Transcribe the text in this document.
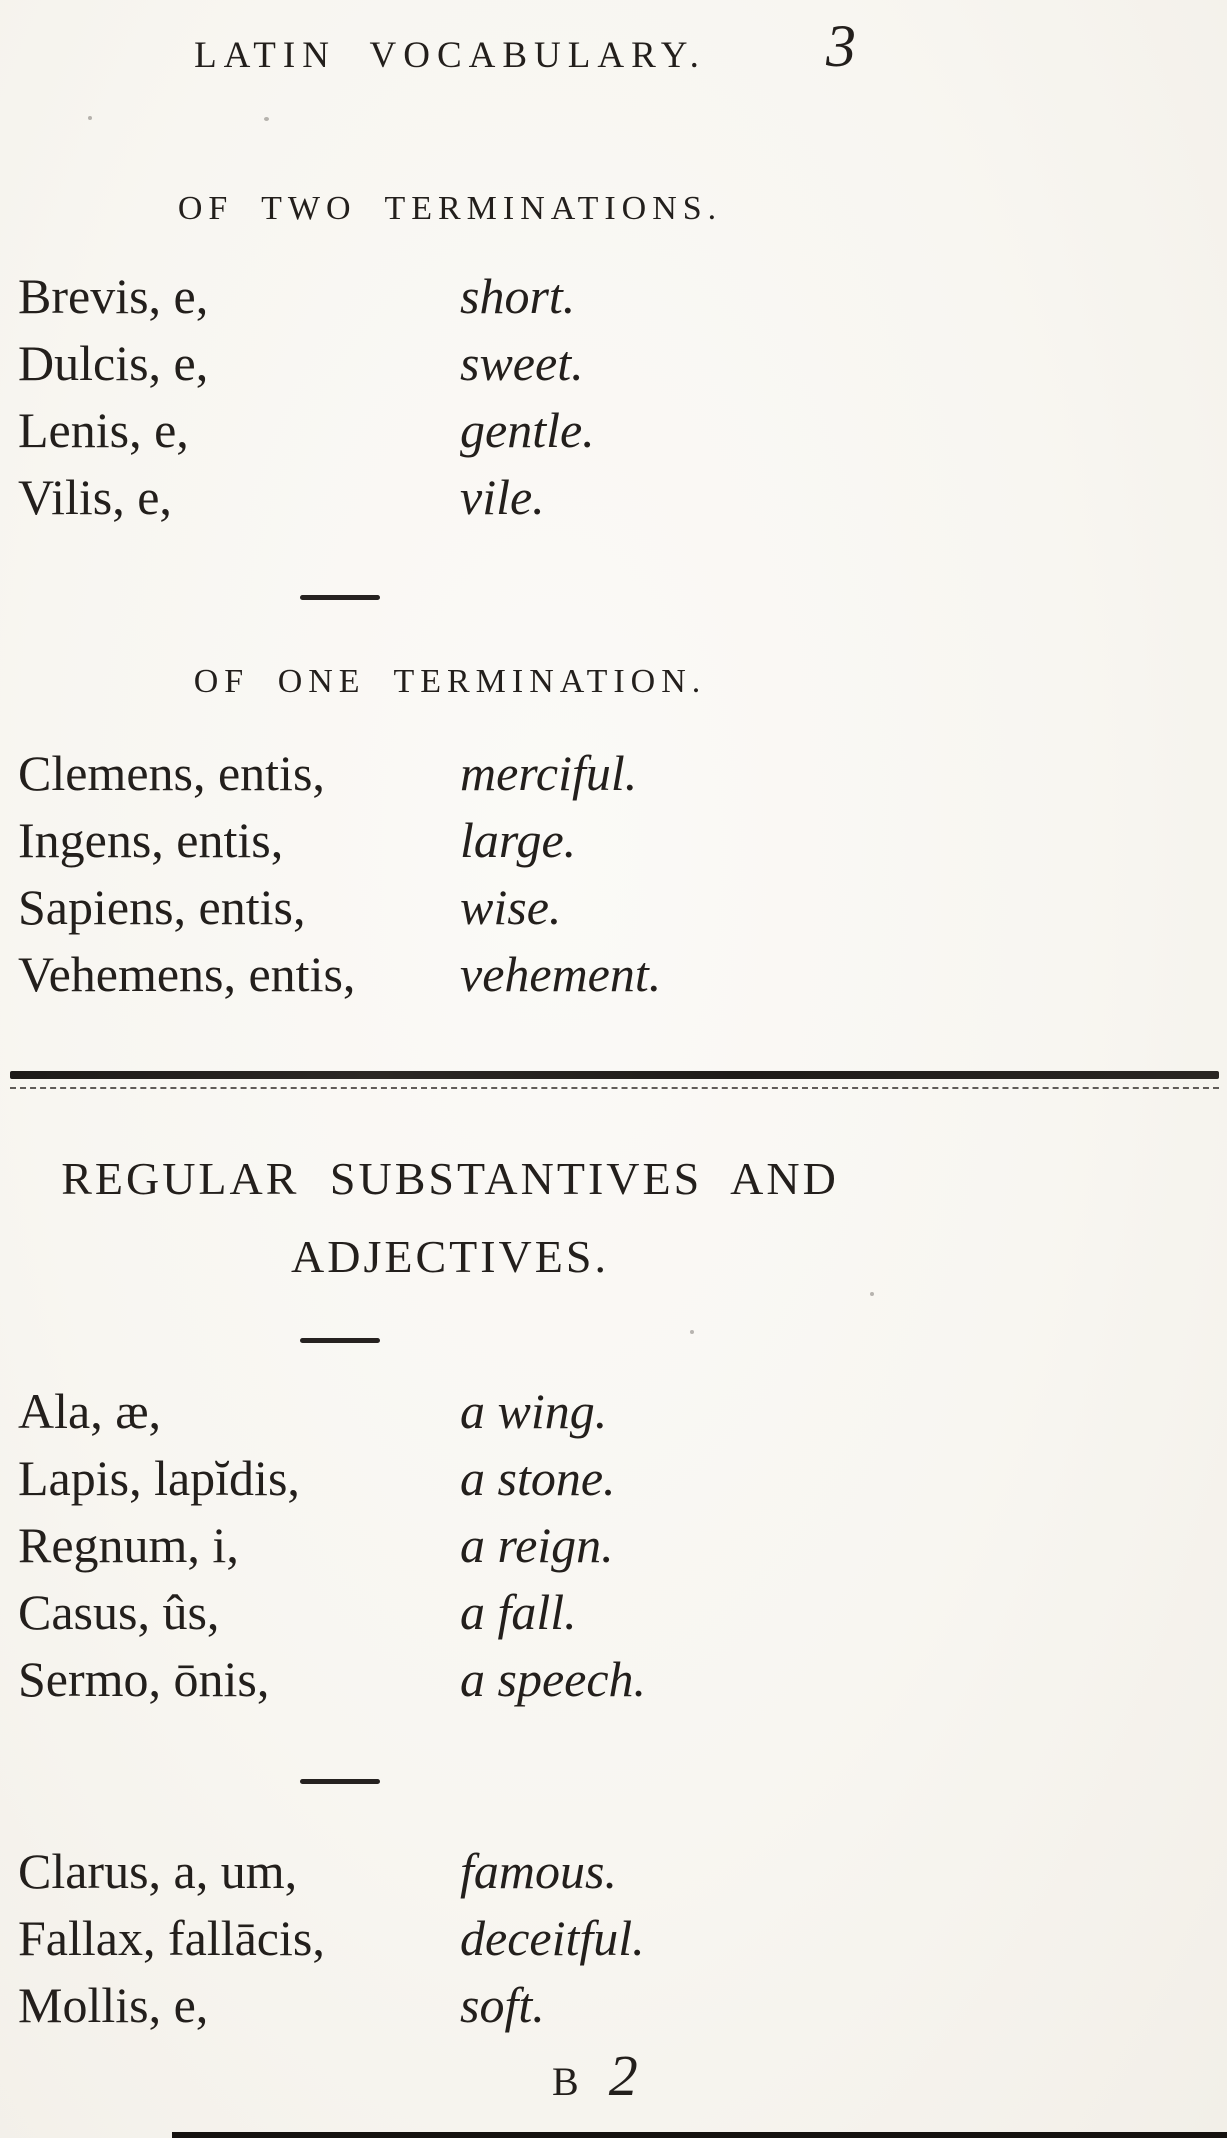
LATIN VOCABULARY.	3
OF TWO TERMINATIONS.
Brevis, e,	short.
Dulcis, e,	sweet.
Lenis, e,	gentle.
Vilis, e,	vile.
OF ONE TERMINATION.
Clemens, entis,	merciful.
Ingens, entis,	large.
Sapiens, entis,	wise.
Vehemens, entis,	vehement.
REGULAR SUBSTANTIVES AND
ADJECTIVES.
Ala, æ,	a wing.
Lapis, lapĭdis,	a stone.
Regnum, i,	a reign.
Casus, ûs,	a fall.
Sermo, ōnis,	a speech.
Clarus, a, um,	famous.
Fallax, fallācis,	deceitful.
Mollis, e,	soft.
B 2
